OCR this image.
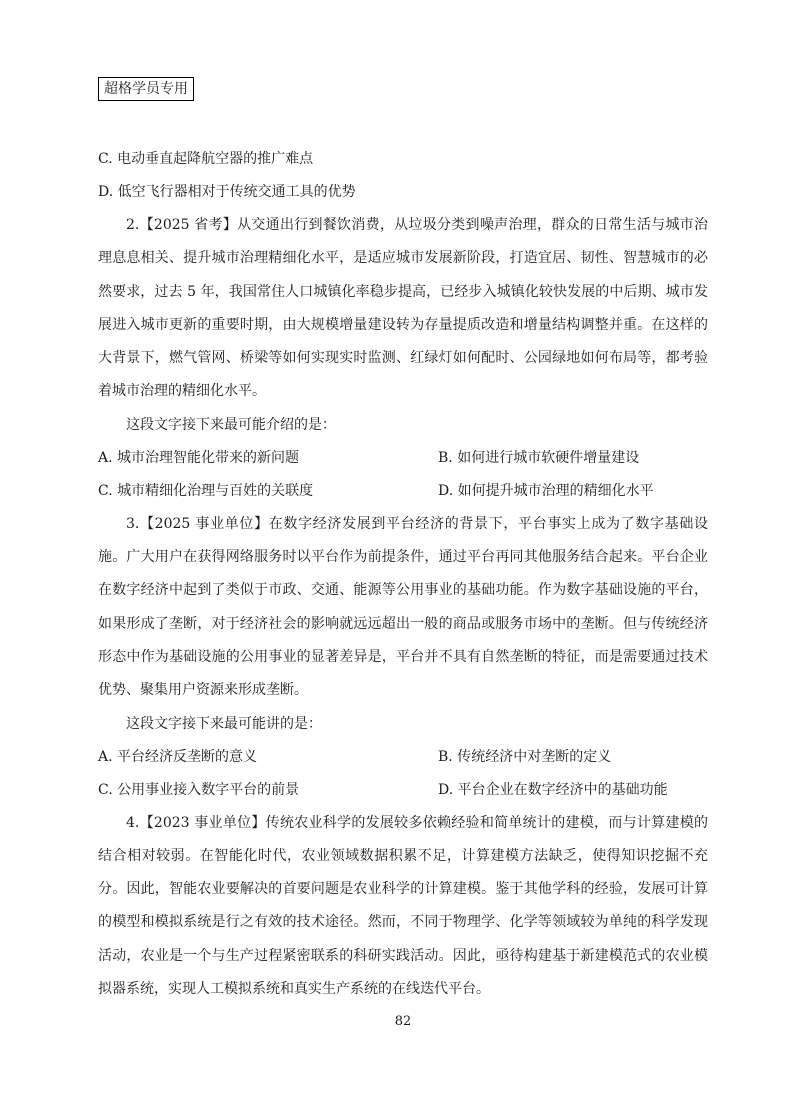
超格学员专用
C. 电动垂直起降航空器的推广难点
D. 低空飞行器相对于传统交通工具的优势

2.【2025 省考】从交通出行到餐饮消费，从垃圾分类到噪声治理，群众的日常生活与城市治理息息相关、提升城市治理精细化水平，是适应城市发展新阶段，打造宜居、韧性、智慧城市的必然要求，过去 5 年，我国常住人口城镇化率稳步提高，已经步入城镇化较快发展的中后期、城市发展进入城市更新的重要时期，由大规模增量建设转为存量提质改造和增量结构调整并重。在这样的大背景下，燃气管网、桥梁等如何实现实时监测、红绿灯如何配时、公园绿地如何布局等，都考验着城市治理的精细化水平。

这段文字接下来最可能介绍的是：
A. 城市治理智能化带来的新问题	B. 如何进行城市软硬件增量建设
C. 城市精细化治理与百姓的关联度	D. 如何提升城市治理的精细化水平

3.【2025 事业单位】在数字经济发展到平台经济的背景下，平台事实上成为了数字基础设施。广大用户在获得网络服务时以平台作为前提条件，通过平台再同其他服务结合起来。平台企业在数字经济中起到了类似于市政、交通、能源等公用事业的基础功能。作为数字基础设施的平台，如果形成了垄断，对于经济社会的影响就远远超出一般的商品或服务市场中的垄断。但与传统经济形态中作为基础设施的公用事业的显著差异是，平台并不具有自然垄断的特征，而是需要通过技术优势、聚集用户资源来形成垄断。

这段文字接下来最可能讲的是：
A. 平台经济反垄断的意义	B. 传统经济中对垄断的定义
C. 公用事业接入数字平台的前景	D. 平台企业在数字经济中的基础功能

4.【2023 事业单位】传统农业科学的发展较多依赖经验和简单统计的建模，而与计算建模的结合相对较弱。在智能化时代，农业领域数据积累不足，计算建模方法缺乏，使得知识挖掘不充分。因此，智能农业要解决的首要问题是农业科学的计算建模。鉴于其他学科的经验，发展可计算的模型和模拟系统是行之有效的技术途径。然而，不同于物理学、化学等领域较为单纯的科学发现活动，农业是一个与生产过程紧密联系的科研实践活动。因此，亟待构建基于新建模范式的农业模拟器系统，实现人工模拟系统和真实生产系统的在线迭代平台。

82
